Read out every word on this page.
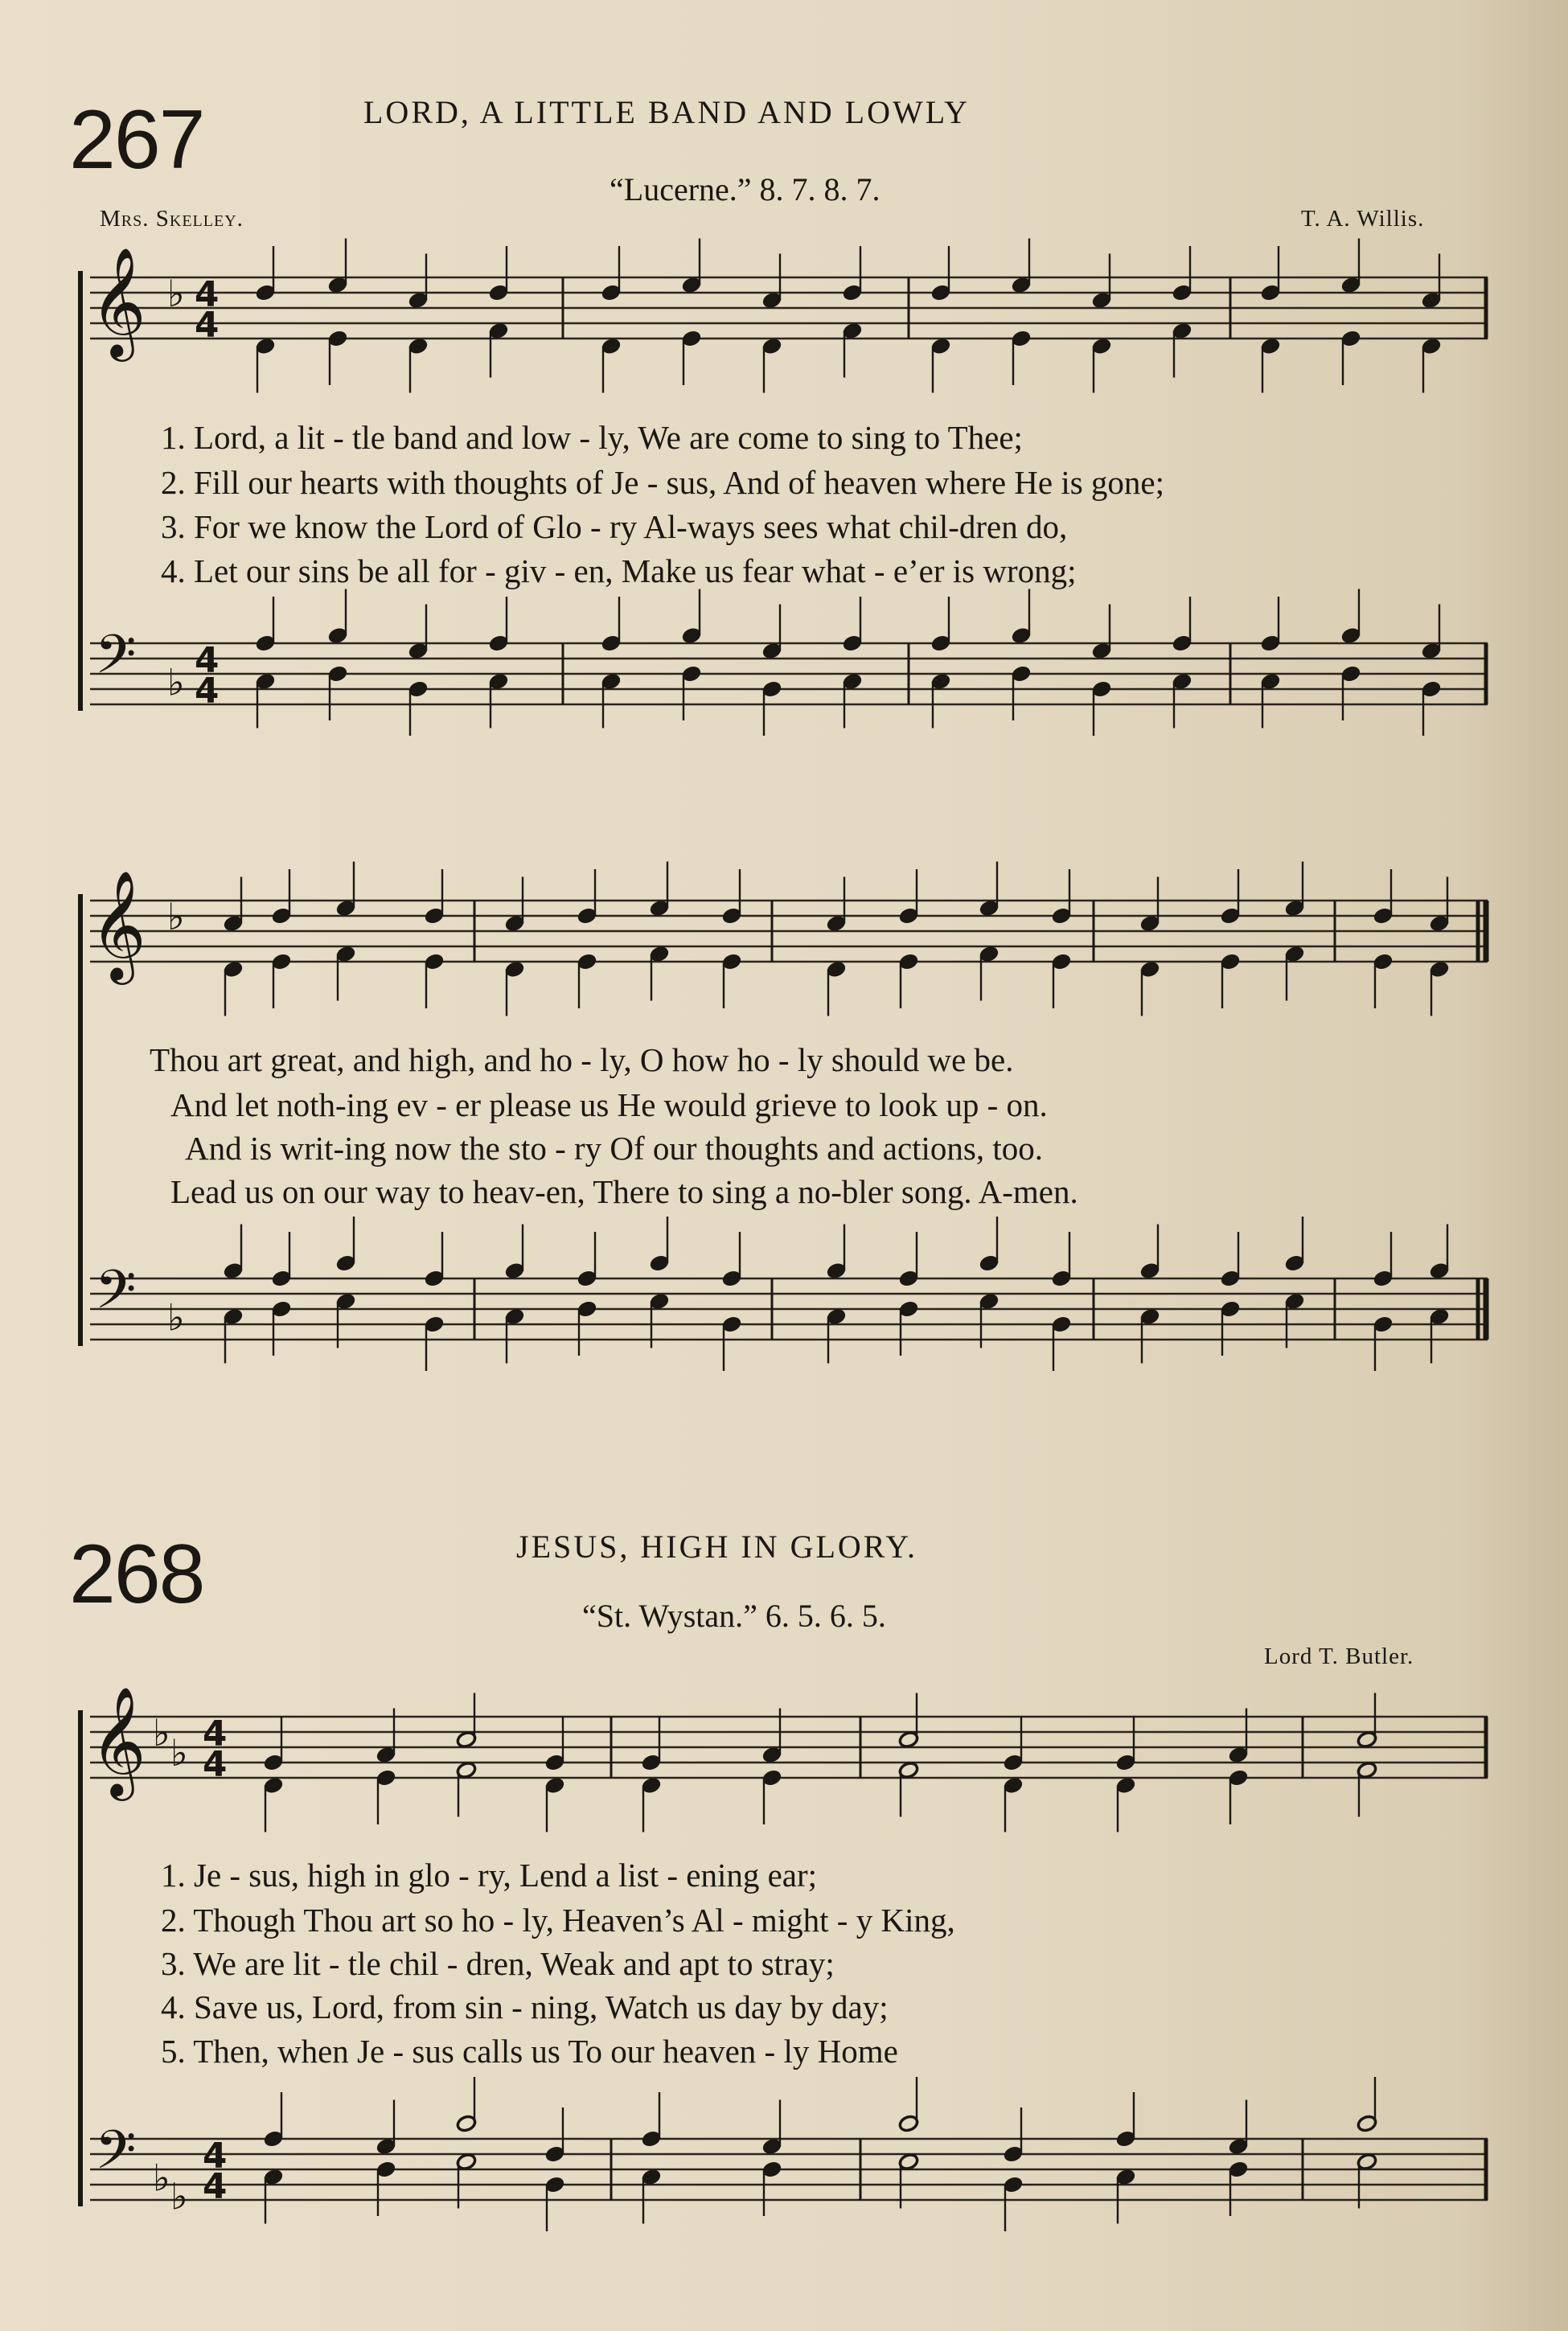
267	LORD, A LITTLE BAND AND LOWLY
“Lucerne.” 8. 7. 8. 7.
Mrs. Skelley.	T. A. Willis.
𝄞
𝄢
♭
♭
4
4
4
4
𝄞
𝄢
♭
♭
𝄞
𝄢
♭ ♭
♭ ♭
4
4
4
4
1. Lord, a lit - tle band and low - ly, We are come to sing to Thee;
2. Fill our hearts with thoughts of Je - sus, And of heaven where He is gone;
3. For we know the Lord of Glo - ry Al-ways sees what chil-dren do,
4. Let our sins be all for - giv - en, Make us fear what - e’er is wrong;
Thou art great, and high, and ho - ly, O how ho - ly should we be.
And let noth-ing ev - er please us He would grieve to look up - on.
And is writ-ing now the sto - ry Of our thoughts and actions, too.
Lead us on our way to heav-en, There to sing a no-bler song. A-men.
268	JESUS, HIGH IN GLORY.
“St. Wystan.” 6. 5. 6. 5.
Lord T. Butler.
1. Je - sus, high in glo - ry, Lend a list - ening ear;
2. Though Thou art so ho - ly, Heaven’s Al - might - y King,
3. We are lit - tle chil - dren, Weak and apt to stray;
4. Save us, Lord, from sin - ning, Watch us day by day;
5. Then, when Je - sus calls us To our heaven - ly Home
